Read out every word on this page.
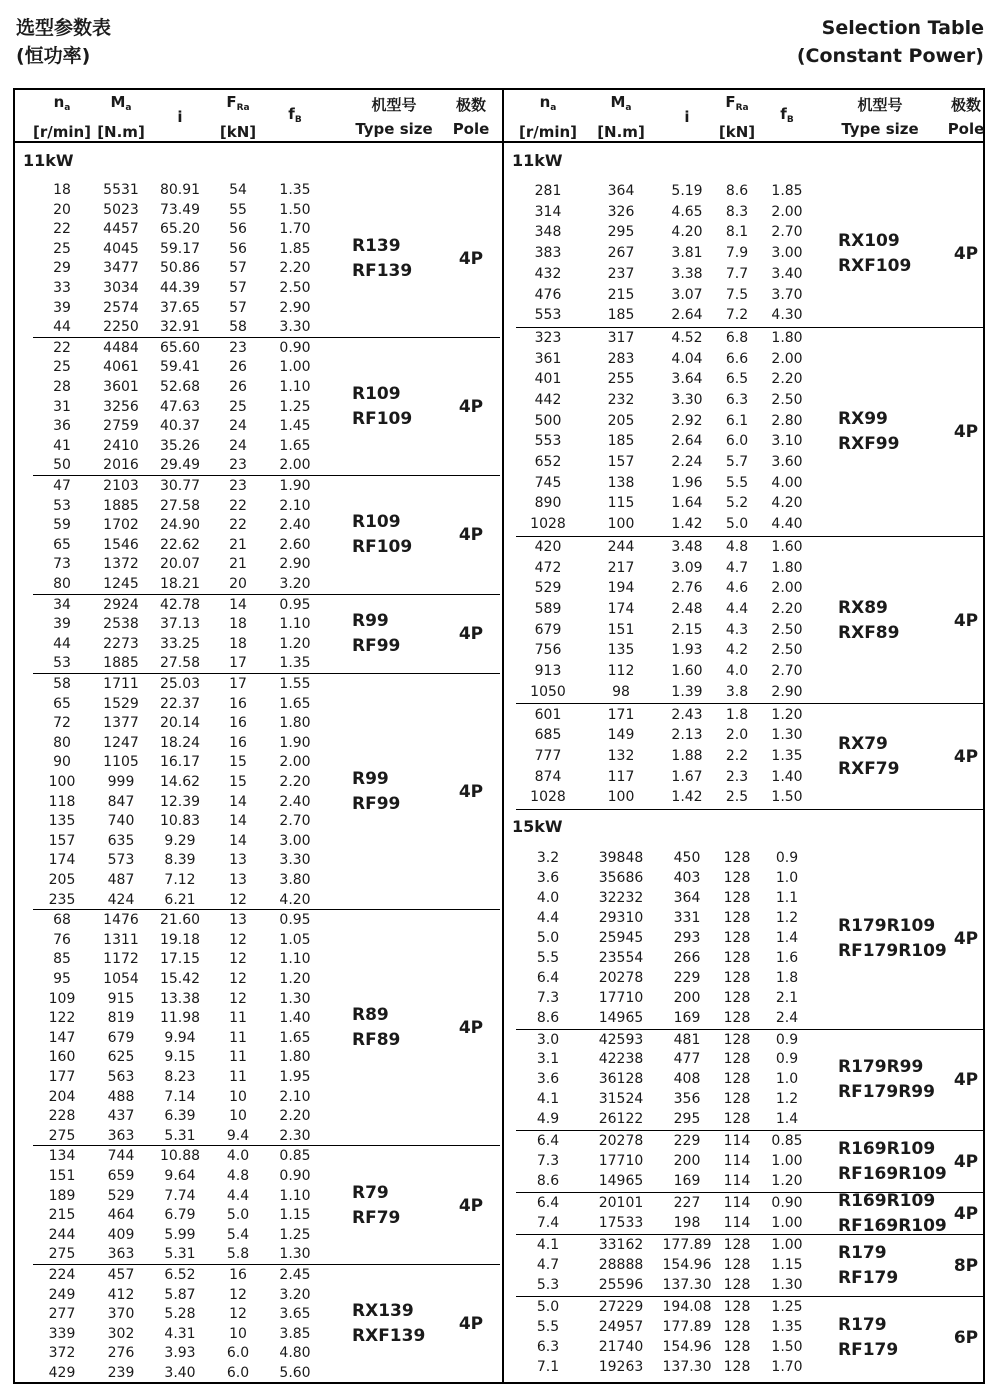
选型参数表
(恒功率)
Selection Table
(Constant Power)
$n_a$
[r/min]
$M_a$
[N.m]
i
$F_{Ra}$
[kN]
$f_B$
机型号
Type size
极数
Pole
11kW
18	5531	80.91	54	1.35
20	5023	73.49	55	1.50
22	4457	65.20	56	1.70
25	4045	59.17	56	1.85
29	3477	50.86	57	2.20
33	3034	44.39	57	2.50
39	2574	37.65	57	2.90
44	2250	32.91	58	3.30
R139
RF139
4P
22	4484	65.60	23	0.90
25	4061	59.41	26	1.00
28	3601	52.68	26	1.10
31	3256	47.63	25	1.25
36	2759	40.37	24	1.45
41	2410	35.26	24	1.65
50	2016	29.49	23	2.00
R109
RF109
4P
47	2103	30.77	23	1.90
53	1885	27.58	22	2.10
59	1702	24.90	22	2.40
65	1546	22.62	21	2.60
73	1372	20.07	21	2.90
80	1245	18.21	20	3.20
R109
RF109
4P
34	2924	42.78	14	0.95
39	2538	37.13	18	1.10
44	2273	33.25	18	1.20
53	1885	27.58	17	1.35
R99
RF99
4P
58	1711	25.03	17	1.55
65	1529	22.37	16	1.65
72	1377	20.14	16	1.80
80	1247	18.24	16	1.90
90	1105	16.17	15	2.00
100	999	14.62	15	2.20
118	847	12.39	14	2.40
135	740	10.83	14	2.70
157	635	9.29	14	3.00
174	573	8.39	13	3.30
205	487	7.12	13	3.80
235	424	6.21	12	4.20
R99
RF99
4P
68	1476	21.60	13	0.95
76	1311	19.18	12	1.05
85	1172	17.15	12	1.10
95	1054	15.42	12	1.20
109	915	13.38	12	1.30
122	819	11.98	11	1.40
147	679	9.94	11	1.65
160	625	9.15	11	1.80
177	563	8.23	11	1.95
204	488	7.14	10	2.10
228	437	6.39	10	2.20
275	363	5.31	9.4	2.30
R89
RF89
4P
134	744	10.88	4.0	0.85
151	659	9.64	4.8	0.90
189	529	7.74	4.4	1.10
215	464	6.79	5.0	1.15
244	409	5.99	5.4	1.25
275	363	5.31	5.8	1.30
R79
RF79
4P
224	457	6.52	16	2.45
249	412	5.87	12	3.20
277	370	5.28	12	3.65
339	302	4.31	10	3.85
372	276	3.93	6.0	4.80
429	239	3.40	6.0	5.60
RX139
RXF139
4P
$n_a$
[r/min]
$M_a$
[N.m]
i
$F_{Ra}$
[kN]
$f_B$
机型号
Type size
极数
Pole
11kW
281	364	5.19	8.6	1.85
314	326	4.65	8.3	2.00
348	295	4.20	8.1	2.70
383	267	3.81	7.9	3.00
432	237	3.38	7.7	3.40
476	215	3.07	7.5	3.70
553	185	2.64	7.2	4.30
RX109
RXF109
4P
323	317	4.52	6.8	1.80
361	283	4.04	6.6	2.00
401	255	3.64	6.5	2.20
442	232	3.30	6.3	2.50
500	205	2.92	6.1	2.80
553	185	2.64	6.0	3.10
652	157	2.24	5.7	3.60
745	138	1.96	5.5	4.00
890	115	1.64	5.2	4.20
1028	100	1.42	5.0	4.40
RX99
RXF99
4P
420	244	3.48	4.8	1.60
472	217	3.09	4.7	1.80
529	194	2.76	4.6	2.00
589	174	2.48	4.4	2.20
679	151	2.15	4.3	2.50
756	135	1.93	4.2	2.50
913	112	1.60	4.0	2.70
1050	98	1.39	3.8	2.90
RX89
RXF89
4P
601	171	2.43	1.8	1.20
685	149	2.13	2.0	1.30
777	132	1.88	2.2	1.35
874	117	1.67	2.3	1.40
1028	100	1.42	2.5	1.50
RX79
RXF79
4P
15kW
3.2	39848	450	128	0.9
3.6	35686	403	128	1.0
4.0	32232	364	128	1.1
4.4	29310	331	128	1.2
5.0	25945	293	128	1.4
5.5	23554	266	128	1.6
6.4	20278	229	128	1.8
7.3	17710	200	128	2.1
8.6	14965	169	128	2.4
R179R109
RF179R109
4P
3.0	42593	481	128	0.9
3.1	42238	477	128	0.9
3.6	36128	408	128	1.0
4.1	31524	356	128	1.2
4.9	26122	295	128	1.4
R179R99
RF179R99
4P
6.4	20278	229	114	0.85
7.3	17710	200	114	1.00
8.6	14965	169	114	1.20
R169R109
RF169R109
4P
6.4	20101	227	114	0.90
7.4	17533	198	114	1.00
R169R109
RF169R109
4P
4.1	33162	177.89 128	1.00
4.7	28888	154.96 128	1.15
5.3	25596	137.30 128	1.30
R179
RF179
8P
5.0	27229	194.08 128	1.25
5.5	24957	177.89 128	1.35
6.3	21740	154.96 128	1.50
7.1	19263	137.30 128	1.70
R179
RF179
6P
